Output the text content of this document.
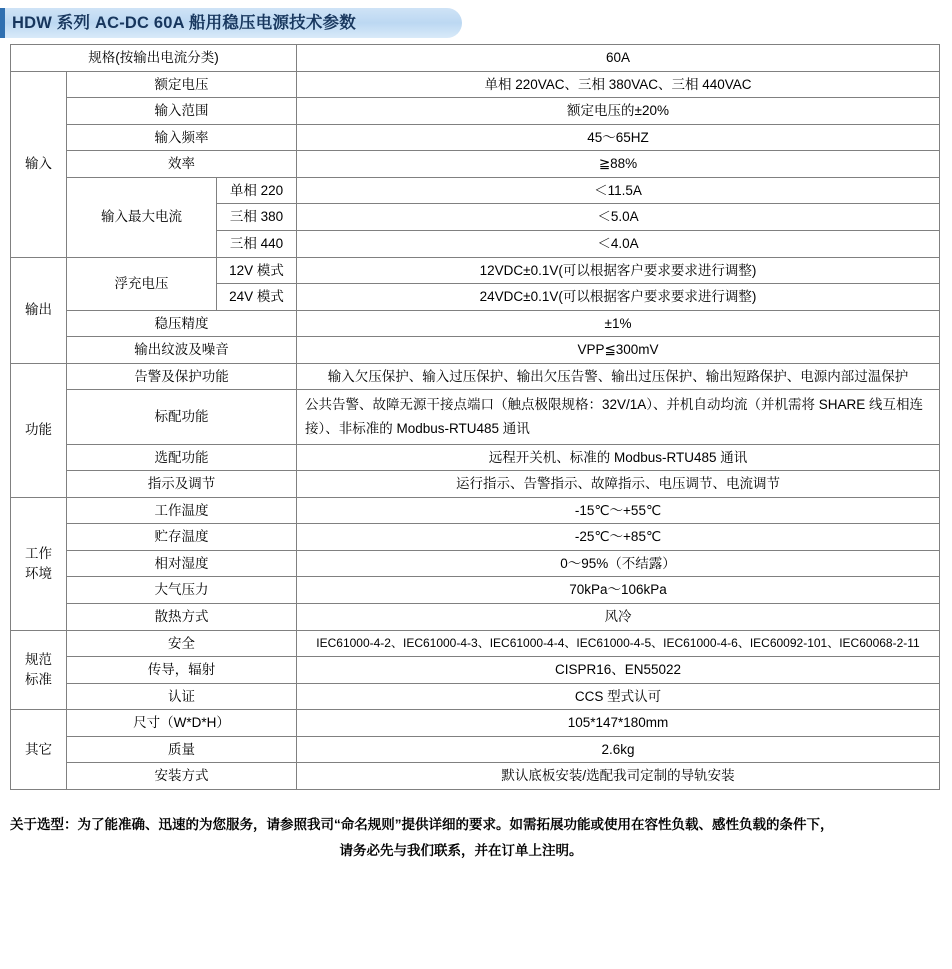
HDW 系列 AC-DC 60A 船用稳压电源技术参数
规格(按输出电流分类)			60A
输入	额定电压		单相 220VAC、三相 380VAC、三相 440VAC
	输入范围		额定电压的±20%
	输入频率		45～65HZ
	效率		≧88%
	输入最大电流	单相 220	＜11.5A
		三相 380	＜5.0A
		三相 440	＜4.0A
输出	浮充电压	12V 模式	12VDC±0.1V(可以根据客户要求要求进行调整)
		24V 模式	24VDC±0.1V(可以根据客户要求要求进行调整)
	稳压精度		±1%
	输出纹波及噪音		VPP≦300mV
功能	告警及保护功能		输入欠压保护、输入过压保护、输出欠压告警、输出过压保护、输出短路保护、电源内部过温保护
	标配功能		公共告警、故障无源干接点端口（触点极限规格：32V/1A）、并机自动均流（并机需将 SHARE 线互相连接）、非标准的 Modbus-RTU485 通讯
	选配功能		远程开关机、标准的 Modbus-RTU485 通讯
	指示及调节		运行指示、告警指示、故障指示、电压调节、电流调节
工作
环境	工作温度		-15℃～+55℃
	贮存温度		-25℃～+85℃
	相对湿度		0～95%（不结露）
	大气压力		70kPa～106kPa
	散热方式		风冷
规范
标准	安全		IEC61000-4-2、IEC61000-4-3、IEC61000-4-4、IEC61000-4-5、IEC61000-4-6、IEC60092-101、IEC60068-2-11
	传导，辐射		CISPR16、EN55022
	认证		CCS 型式认可
其它	尺寸（W*D*H）		105*147*180mm
	质量		2.6kg
	安装方式		默认底板安装/选配我司定制的导轨安装
关于选型：为了能准确、迅速的为您服务，请参照我司“命名规则”提供详细的要求。如需拓展功能或使用在容性负载、感性负载的条件下，
请务必先与我们联系，并在订单上注明。
